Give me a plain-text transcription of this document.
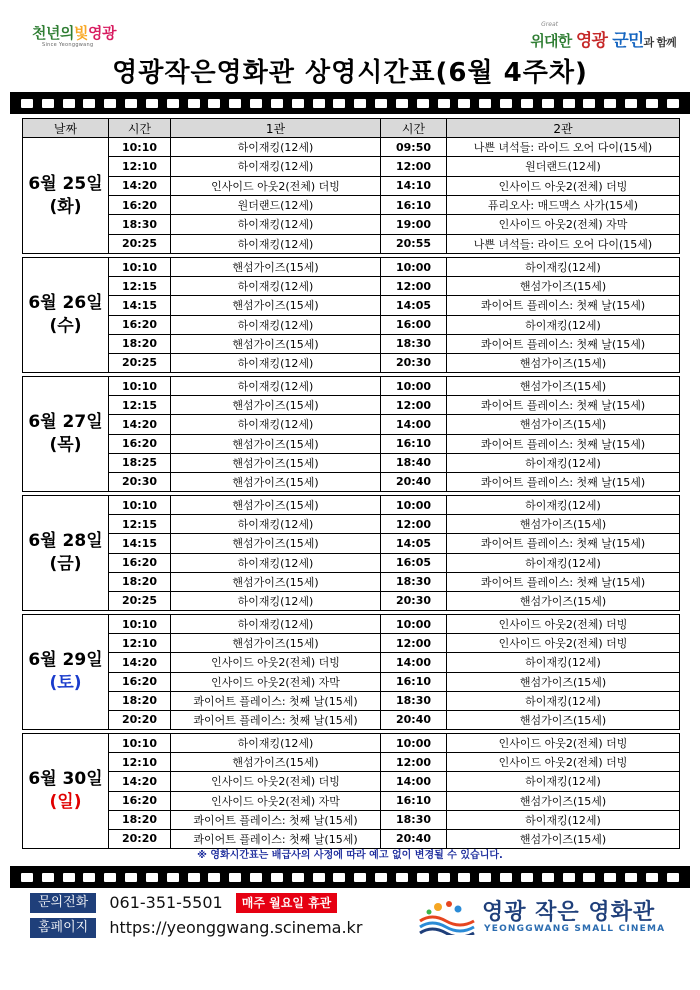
천년의빛영광
Since Yeonggwang
Great
위대한 영광 군민과 함께
영광작은영화관 상영시간표(6월 4주차)
날짜	시간	1관	시간	2관
6월 25일
(화)
10:10	하이재킹(12세)	09:50	나쁜 녀석들: 라이드 오어 다이(15세)
12:10	하이재킹(12세)	12:00	원더랜드(12세)
14:20	인사이드 아웃2(전체) 더빙	14:10	인사이드 아웃2(전체) 더빙
16:20	원더랜드(12세)	16:10	퓨리오사: 매드맥스 사가(15세)
18:30	하이재킹(12세)	19:00	인사이드 아웃2(전체) 자막
20:25	하이재킹(12세)	20:55	나쁜 녀석들: 라이드 오어 다이(15세)
6월 26일
(수)
10:10	핸섬가이즈(15세)	10:00	하이재킹(12세)
12:15	하이재킹(12세)	12:00	핸섬가이즈(15세)
14:15	핸섬가이즈(15세)	14:05	콰이어트 플레이스: 첫째 날(15세)
16:20	하이재킹(12세)	16:00	하이재킹(12세)
18:20	핸섬가이즈(15세)	18:30	콰이어트 플레이스: 첫째 날(15세)
20:25	하이재킹(12세)	20:30	핸섬가이즈(15세)
6월 27일
(목)
10:10	하이재킹(12세)	10:00	핸섬가이즈(15세)
12:15	핸섬가이즈(15세)	12:00	콰이어트 플레이스: 첫째 날(15세)
14:20	하이재킹(12세)	14:00	핸섬가이즈(15세)
16:20	핸섬가이즈(15세)	16:10	콰이어트 플레이스: 첫째 날(15세)
18:25	핸섬가이즈(15세)	18:40	하이재킹(12세)
20:30	핸섬가이즈(15세)	20:40	콰이어트 플레이스: 첫째 날(15세)
6월 28일
(금)
10:10	핸섬가이즈(15세)	10:00	하이재킹(12세)
12:15	하이재킹(12세)	12:00	핸섬가이즈(15세)
14:15	핸섬가이즈(15세)	14:05	콰이어트 플레이스: 첫째 날(15세)
16:20	하이재킹(12세)	16:05	하이재킹(12세)
18:20	핸섬가이즈(15세)	18:30	콰이어트 플레이스: 첫째 날(15세)
20:25	하이재킹(12세)	20:30	핸섬가이즈(15세)
6월 29일
(토)
10:10	하이재킹(12세)	10:00	인사이드 아웃2(전체) 더빙
12:10	핸섬가이즈(15세)	12:00	인사이드 아웃2(전체) 더빙
14:20	인사이드 아웃2(전체) 더빙	14:00	하이재킹(12세)
16:20	인사이드 아웃2(전체) 자막	16:10	핸섬가이즈(15세)
18:20	콰이어트 플레이스: 첫째 날(15세)	18:30	하이재킹(12세)
20:20	콰이어트 플레이스: 첫째 날(15세)	20:40	핸섬가이즈(15세)
6월 30일
(일)
10:10	하이재킹(12세)	10:00	인사이드 아웃2(전체) 더빙
12:10	핸섬가이즈(15세)	12:00	인사이드 아웃2(전체) 더빙
14:20	인사이드 아웃2(전체) 더빙	14:00	하이재킹(12세)
16:20	인사이드 아웃2(전체) 자막	16:10	핸섬가이즈(15세)
18:20	콰이어트 플레이스: 첫째 날(15세)	18:30	하이재킹(12세)
20:20	콰이어트 플레이스: 첫째 날(15세)	20:40	핸섬가이즈(15세)
※ 영화시간표는 배급사의 사정에 따라 예고 없이 변경될 수 있습니다.
문의전화 061-351-5501 매주 월요일 휴관
홈페이지 https://yeonggwang.scinema.kr
영광 작은 영화관
YEONGGWANG SMALL CINEMA
